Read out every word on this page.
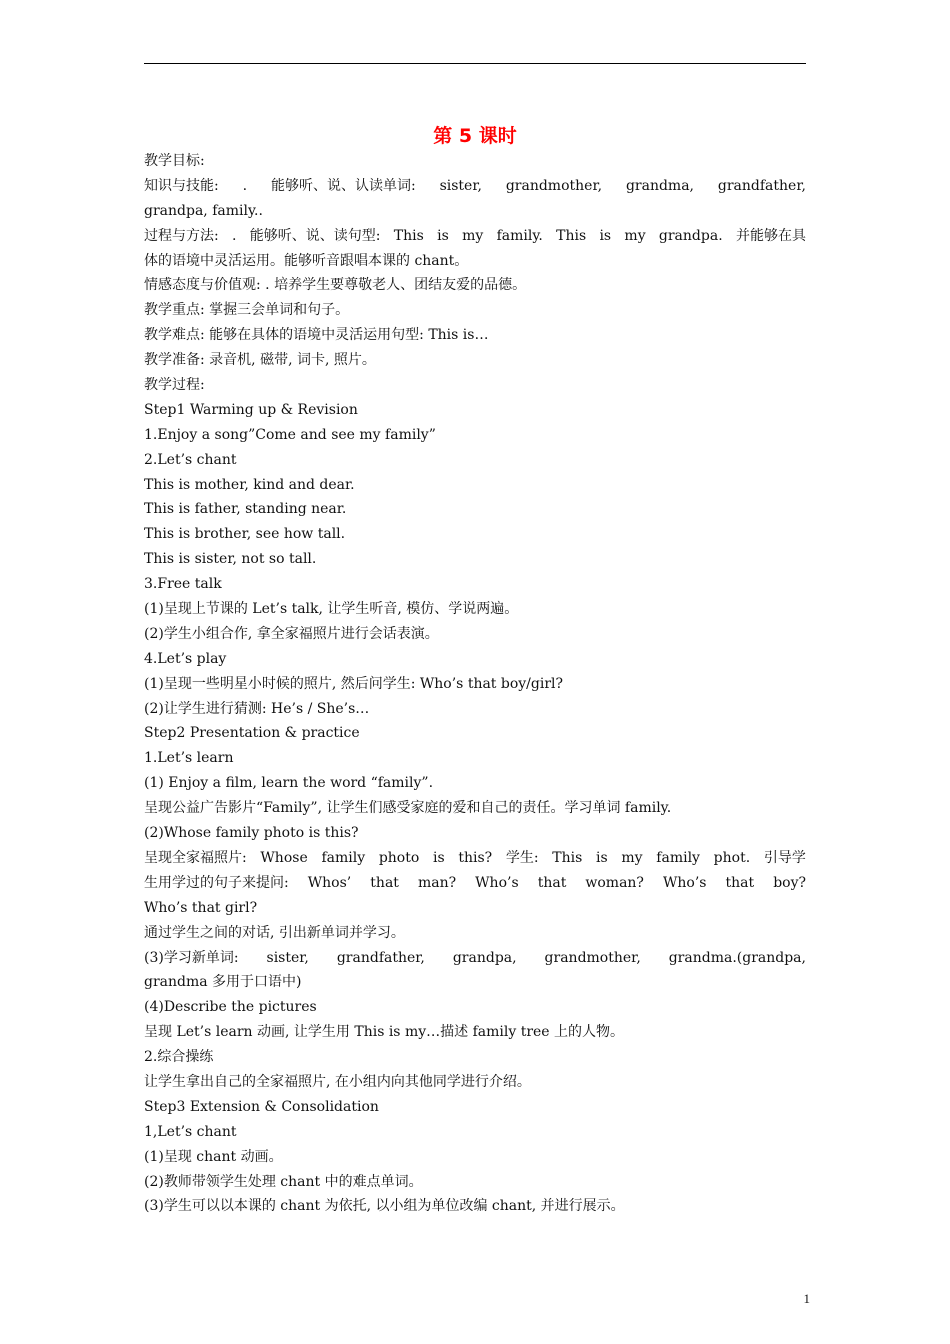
第 5 课时
教学目标:
知识与技能: . 能够听、说、认读单词: sister, grandmother, grandma, grandfather,
grandpa, family..
过程与方法: . 能够听、说、读句型: This is my family. This is my grandpa. 并能够在具
体的语境中灵活运用。能够听音跟唱本课的 chant。
情感态度与价值观: . 培养学生要尊敬老人、团结友爱的品德。
教学重点: 掌握三会单词和句子。
教学难点: 能够在具体的语境中灵活运用句型: This is…
教学准备: 录音机, 磁带, 词卡, 照片。
教学过程:
Step1 Warming up & Revision
1.Enjoy a song”Come and see my family”
2.Let’s chant
This is mother, kind and dear.
This is father, standing near.
This is brother, see how tall.
This is sister, not so tall.
3.Free talk
(1)呈现上节课的 Let’s talk, 让学生听音, 模仿、学说两遍。
(2)学生小组合作, 拿全家福照片进行会话表演。
4.Let’s play
(1)呈现一些明星小时候的照片, 然后问学生: Who’s that boy/girl?
(2)让学生进行猜测: He’s / She’s…
Step2 Presentation & practice
1.Let’s learn
(1) Enjoy a film, learn the word “family”.
呈现公益广告影片“Family”, 让学生们感受家庭的爱和自己的责任。学习单词 family.
(2)Whose family photo is this?
呈现全家福照片: Whose family photo is this? 学生: This is my family phot. 引导学
生用学过的句子来提问: Whos’ that man? Who’s that woman? Who’s that boy?
Who’s that girl?
通过学生之间的对话, 引出新单词并学习。
(3)学习新单词: sister, grandfather, grandpa, grandmother, grandma.(grandpa,
grandma 多用于口语中)
(4)Describe the pictures
呈现 Let’s learn 动画, 让学生用 This is my…描述 family tree 上的人物。
2.综合操练
让学生拿出自己的全家福照片, 在小组内向其他同学进行介绍。
Step3 Extension & Consolidation
1,Let’s chant
(1)呈现 chant 动画。
(2)教师带领学生处理 chant 中的难点单词。
(3)学生可以以本课的 chant 为依托, 以小组为单位改编 chant, 并进行展示。
1
